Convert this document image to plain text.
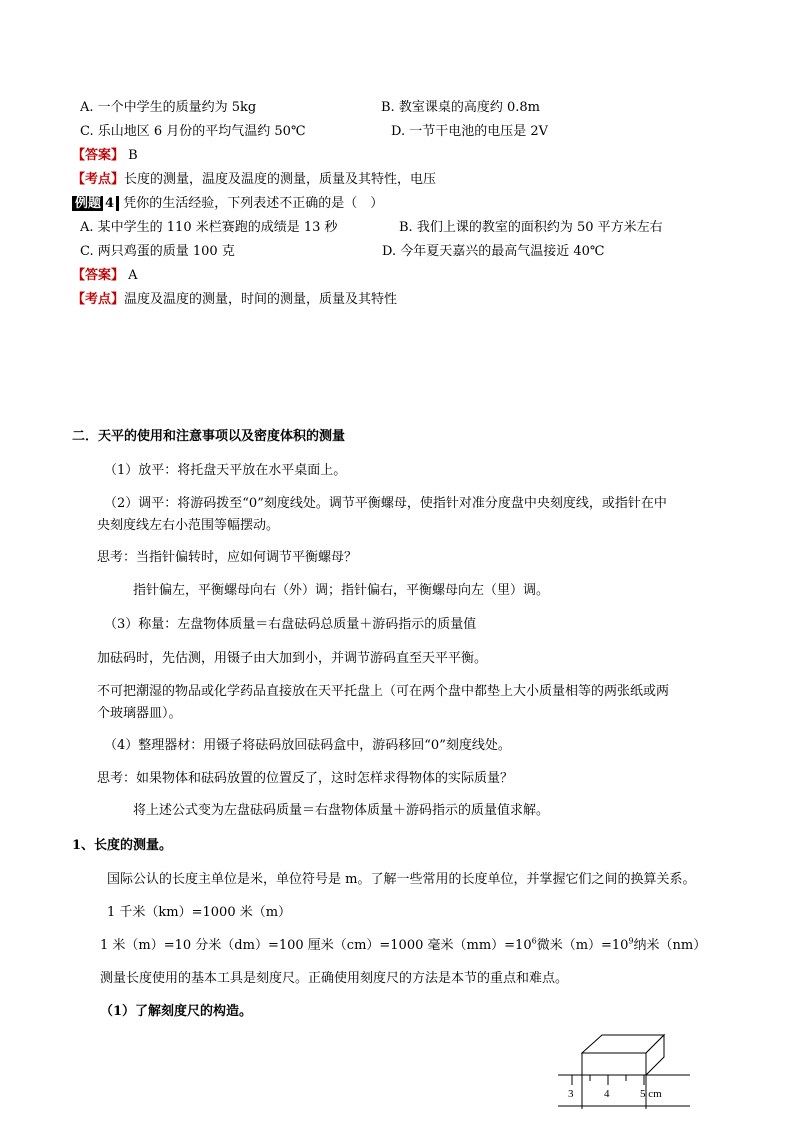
A. 一个中学生的质量约为 5kg	B. 教室课桌的高度约 0.8m
C. 乐山地区 6 月份的平均气温约 50℃	D. 一节干电池的电压是 2V
【答案】 B
【考点】长度的测量，温度及温度的测量，质量及其特性，电压
例题 4 凭你的生活经验，下列表述不正确的是（　）
A. 某中学生的 110 米栏赛跑的成绩是 13 秒	B. 我们上课的教室的面积约为 50 平方米左右
C. 两只鸡蛋的质量 100 克	D. 今年夏天嘉兴的最高气温接近 40℃
【答案】 A
【考点】温度及温度的测量，时间的测量，质量及其特性
二．天平的使用和注意事项以及密度体积的测量
（1）放平：将托盘天平放在水平桌面上。
（2）调平：将游码拨至“0”刻度线处。调节平衡螺母，使指针对准分度盘中央刻度线，或指针在中
央刻度线左右小范围等幅摆动。
思考：当指针偏转时，应如何调节平衡螺母？
指针偏左，平衡螺母向右（外）调；指针偏右，平衡螺母向左（里）调。
（3）称量：左盘物体质量＝右盘砝码总质量＋游码指示的质量值
加砝码时，先估测，用镊子由大加到小，并调节游码直至天平平衡。
不可把潮湿的物品或化学药品直接放在天平托盘上（可在两个盘中都垫上大小质量相等的两张纸或两
个玻璃器皿）。
（4）整理器材：用镊子将砝码放回砝码盒中，游码移回“0”刻度线处。
思考：如果物体和砝码放置的位置反了，这时怎样求得物体的实际质量？
将上述公式变为左盘砝码质量＝右盘物体质量＋游码指示的质量值求解。
1、长度的测量。
国际公认的长度主单位是米，单位符号是 m。了解一些常用的长度单位，并掌握它们之间的换算关系。
1 千米（km）=1000 米（m）
1 米（m）=10 分米（dm）=100 厘米（cm）=1000 毫米$(mm)=10^6$微米$(m)=10^9$纳米（nm）
测量长度使用的基本工具是刻度尺。正确使用刻度尺的方法是本节的重点和难点。
（1）了解刻度尺的构造。
3	4	5 cm
